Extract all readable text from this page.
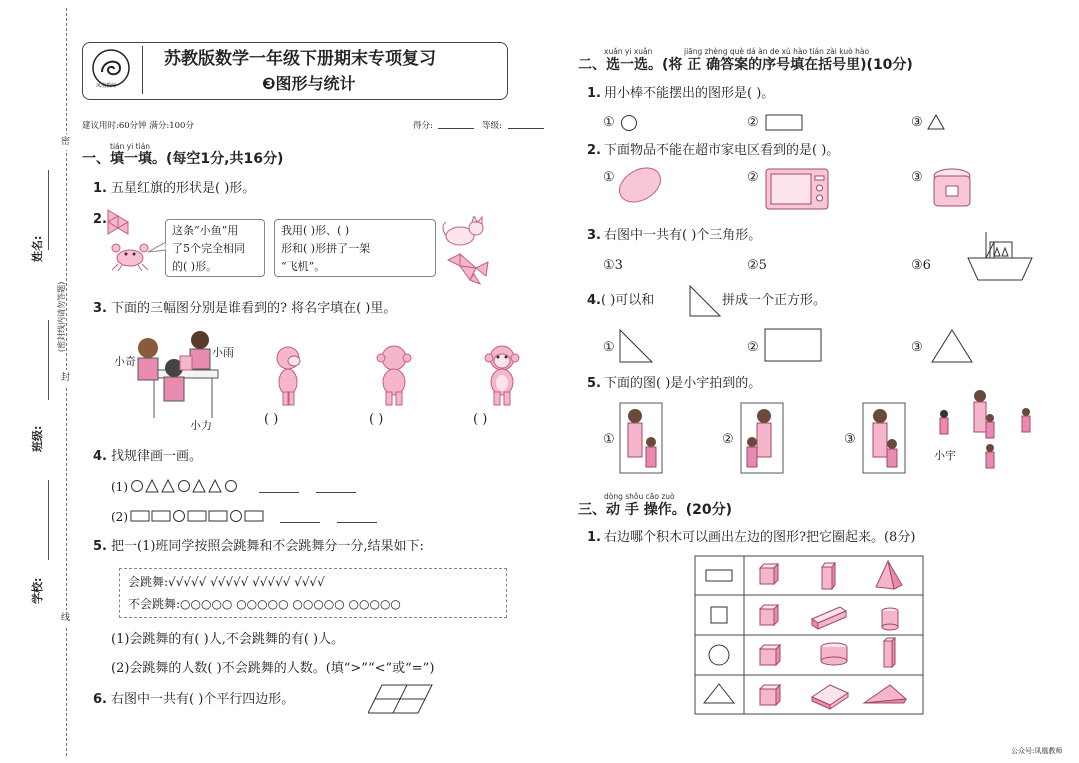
密
封
线
姓名:
(密封线内请勿答题)
班级:
学校:
凤凰教师
苏教版数学一年级下册期末专项复习
❸图形与统计
建议用时:60分钟 满分:100分	得分:	等级:
tián yi tián
一、填一填。(每空1分,共16分)
1. 五星红旗的形状是( )形。
2.
这条“小鱼”用
了5个完全相同
的( )形。
我用( )形、( )
形和( )形拼了一架
“飞机”。
3. 下面的三幅图分别是谁看到的? 将名字填在( )里。
小奇
小雨
小力	( )	( )	( )
4. 找规律画一画。
(1)
(2)
5. 把一(1)班同学按照会跳舞和不会跳舞分一分,结果如下:
会跳舞:√√√√√ √√√√√ √√√√√ √√√√
不会跳舞:○○○○○ ○○○○○ ○○○○○ ○○○○○
(1)会跳舞的有( )人,不会跳舞的有( )人。
(2)会跳舞的人数( )不会跳舞的人数。(填“>”“<”或“=”)
6. 右图中一共有( )个平行四边形。
xuǎn yi xuǎn	jiāng zhèng què dá àn de xù hào tián zài kuò hào
二、选一选。(将 正 确答案的序号填在括号里)(10分)
1. 用小棒不能摆出的图形是( )。
①	②	③
2. 下面物品不能在超市家电区看到的是( )。
①	②	③
3. 右图中一共有( )个三角形。
①3	②5	③6
4. ( )可以和	拼成一个正方形。
①	②	③
5. 下面的图( )是小宇拍到的。
①	②	③
小宇
dòng shǒu cāo zuò
三、动 手 操作。(20分)
1. 右边哪个积木可以画出左边的图形?把它圈起来。(8分)
公众号:凤凰教师
